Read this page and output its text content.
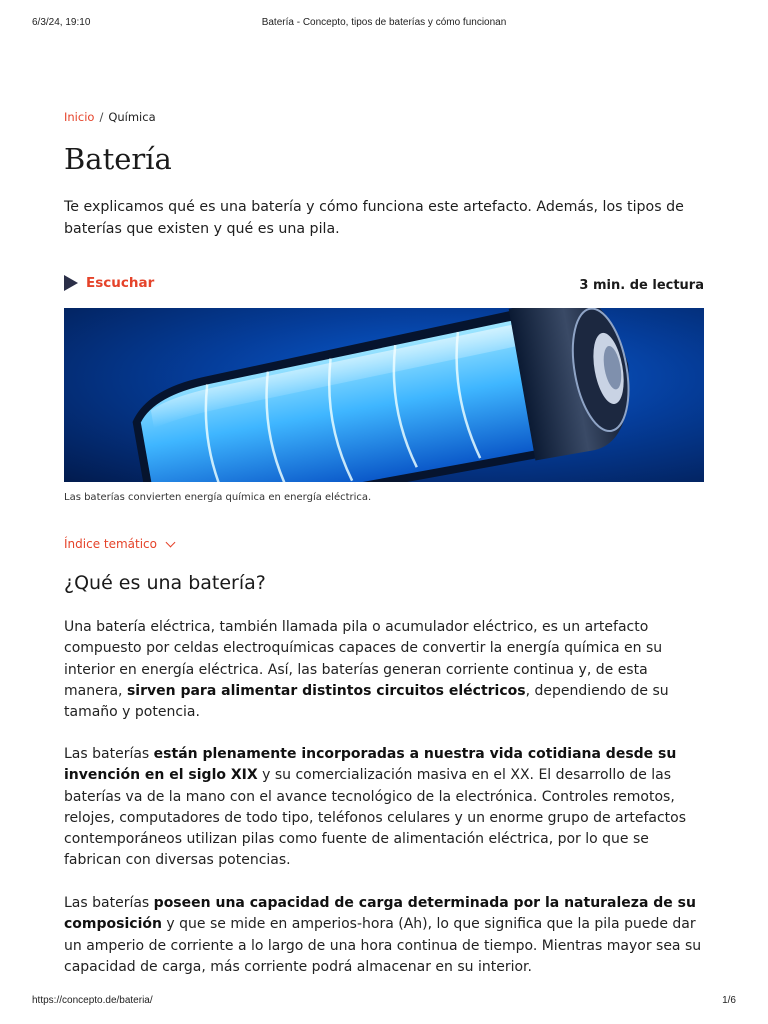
6/3/24, 19:10	Batería - Concepto, tipos de baterías y cómo funcionan
Inicio / Química
Batería

Te explicamos qué es una batería y cómo funciona este artefacto. Además, los tipos de baterías que existen y qué es una pila.

Escuchar	3 min. de lectura
Las baterías convierten energía química en energía eléctrica.
Índice temático
¿Qué es una batería?

Una batería eléctrica, también llamada pila o acumulador eléctrico, es un artefacto compuesto por celdas electroquímicas capaces de convertir la energía química en su interior en energía eléctrica. Así, las baterías generan corriente continua y, de esta manera, sirven para alimentar distintos circuitos eléctricos, dependiendo de su tamaño y potencia.

Las baterías están plenamente incorporadas a nuestra vida cotidiana desde su invención en el siglo XIX y su comercialización masiva en el XX. El desarrollo de las baterías va de la mano con el avance tecnológico de la electrónica. Controles remotos, relojes, computadores de todo tipo, teléfonos celulares y un enorme grupo de artefactos contemporáneos utilizan pilas como fuente de alimentación eléctrica, por lo que se fabrican con diversas potencias.

Las baterías poseen una capacidad de carga determinada por la naturaleza de su composición y que se mide en amperios-hora (Ah), lo que significa que la pila puede dar un amperio de corriente a lo largo de una hora continua de tiempo. Mientras mayor sea su capacidad de carga, más corriente podrá almacenar en su interior.

https://concepto.de/bateria/	1/6
